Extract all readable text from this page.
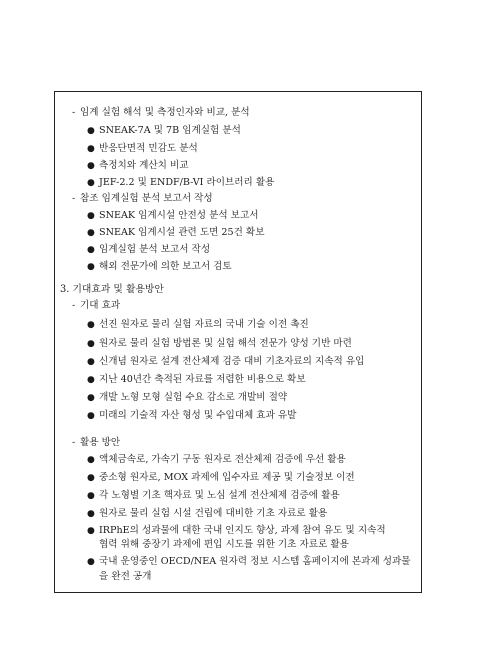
- 임계 실험 해석 및 측정인자와 비교, 분석
● SNEAK-7A 및 7B 임계실험 분석
● 반응단면적 민감도 분석
● 측정치와 계산치 비교
● JEF-2.2 및 ENDF/B-VI 라이브러리 활용
- 참조 임계실험 분석 보고서 작성
● SNEAK 임계시설 안전성 분석 보고서
● SNEAK 임계시설 관련 도면 25건 확보
● 임계실험 분석 보고서 작성
● 해외 전문가에 의한 보고서 검토
3. 기대효과 및 활용방안
- 기대 효과
● 선진 원자로 물리 실험 자료의 국내 기술 이전 촉진
● 원자로 물리 실험 방법론 및 실험 해석 전문가 양성 기반 마련
● 신개념 원자로 설계 전산체제 검증 대비 기초자료의 지속적 유입
● 지난 40년간 축적된 자료를 저렴한 비용으로 확보
● 개발 노형 모형 실험 수요 감소로 개발비 절약
● 미래의 기술적 자산 형성 및 수입대체 효과 유발
- 활용 방안
● 액체금속로, 가속기 구동 원자로 전산체제 검증에 우선 활용
● 중소형 원자로, MOX 과제에 입수자료 제공 및 기술정보 이전
● 각 노형별 기초 핵자료 및 노심 설계 전산체제 검증에 활용
● 원자로 물리 실험 시설 건립에 대비한 기초 자료로 활용
● IRPhE의 성과물에 대한 국내 인지도 향상, 과제 참여 유도 및 지속적
협력 위해 중장기 과제에 편입 시도를 위한 기초 자료로 활용
● 국내 운영중인 OECD/NEA 원자력 정보 시스템 홈페이지에 본과제 성과물
을 완전 공개
